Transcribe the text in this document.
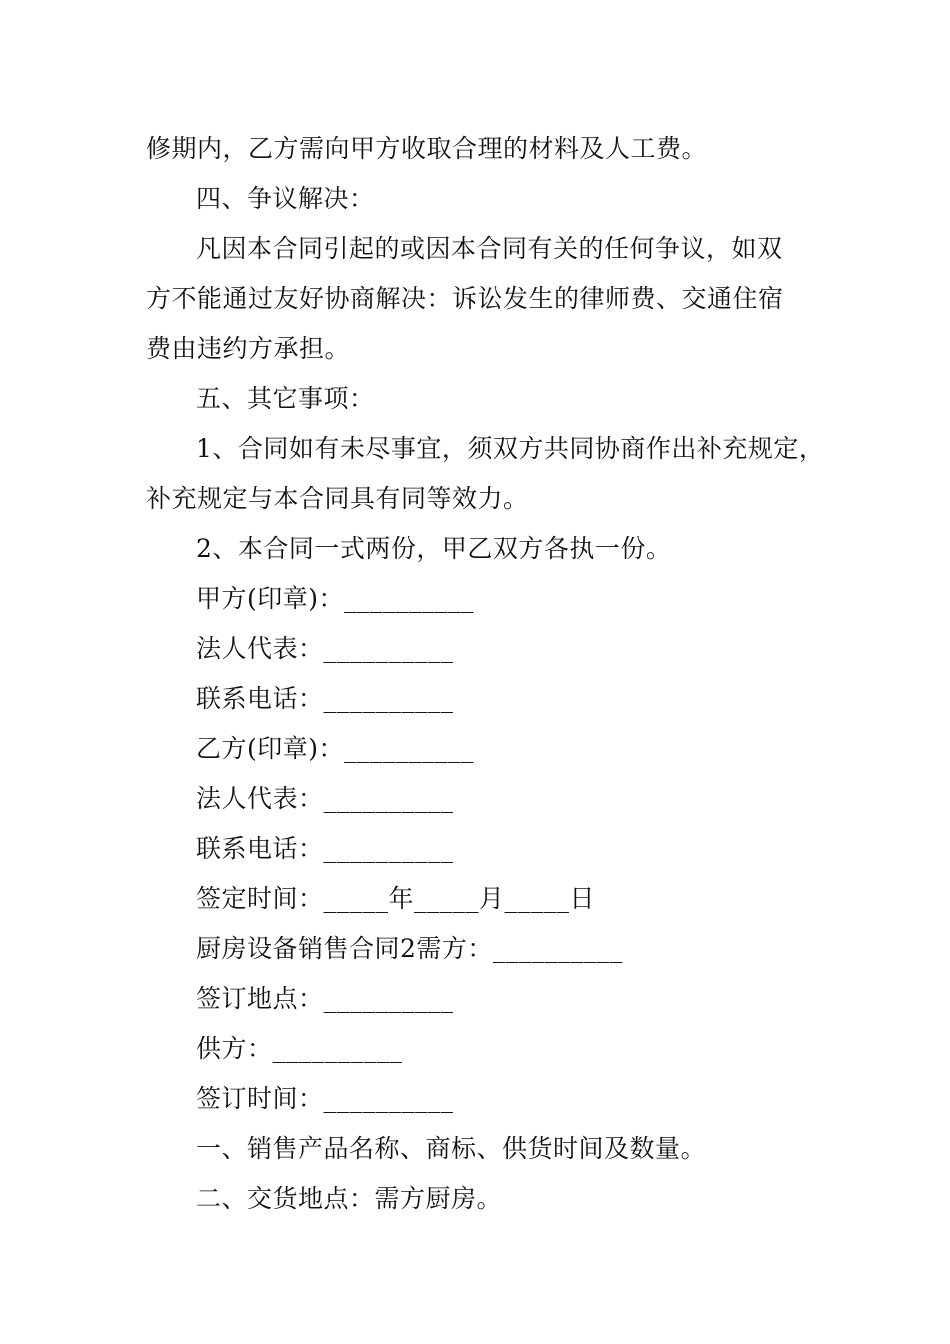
修期内，乙方需向甲方收取合理的材料及人工费。
四、争议解决：
凡因本合同引起的或因本合同有关的任何争议，如双
方不能通过友好协商解决：诉讼发生的律师费、交通住宿
费由违约方承担。
五、其它事项：
1、合同如有未尽事宜，须双方共同协商作出补充规定，
补充规定与本合同具有同等效力。
2、本合同一式两份，甲乙双方各执一份。
甲方(印章)：__________
法人代表：__________
联系电话：__________
乙方(印章)：__________
法人代表：__________
联系电话：__________
签定时间：_____年_____月_____日
厨房设备销售合同2需方：__________
签订地点：__________
供方：__________
签订时间：__________
一、销售产品名称、商标、供货时间及数量。
二、交货地点：需方厨房。
